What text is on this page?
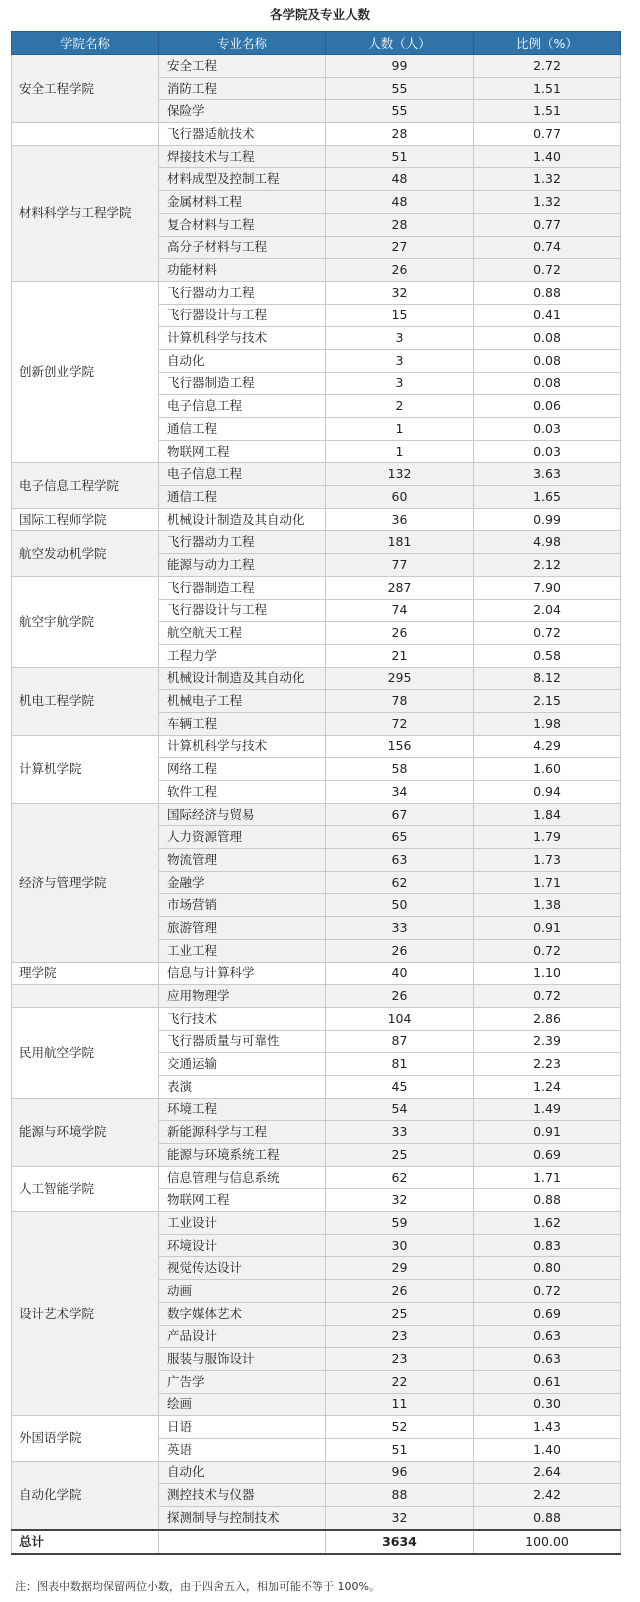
各学院及专业人数
学院名称	专业名称	人数（人）	比例（%）
安全工程学院	安全工程	99	2.72
	消防工程	55	1.51
	保险学	55	1.51
	飞行器适航技术	28	0.77
材料科学与工程学院	焊接技术与工程	51	1.40
	材料成型及控制工程	48	1.32
	金属材料工程	48	1.32
	复合材料与工程	28	0.77
	高分子材料与工程	27	0.74
	功能材料	26	0.72
创新创业学院	飞行器动力工程	32	0.88
	飞行器设计与工程	15	0.41
	计算机科学与技术	3	0.08
	自动化	3	0.08
	飞行器制造工程	3	0.08
	电子信息工程	2	0.06
	通信工程	1	0.03
	物联网工程	1	0.03
电子信息工程学院	电子信息工程	132	3.63
	通信工程	60	1.65
国际工程师学院	机械设计制造及其自动化	36	0.99
航空发动机学院	飞行器动力工程	181	4.98
	能源与动力工程	77	2.12
航空宇航学院	飞行器制造工程	287	7.90
	飞行器设计与工程	74	2.04
	航空航天工程	26	0.72
	工程力学	21	0.58
机电工程学院	机械设计制造及其自动化	295	8.12
	机械电子工程	78	2.15
	车辆工程	72	1.98
计算机学院	计算机科学与技术	156	4.29
	网络工程	58	1.60
	软件工程	34	0.94
经济与管理学院	国际经济与贸易	67	1.84
	人力资源管理	65	1.79
	物流管理	63	1.73
	金融学	62	1.71
	市场营销	50	1.38
	旅游管理	33	0.91
	工业工程	26	0.72
理学院	信息与计算科学	40	1.10
	应用物理学	26	0.72
民用航空学院	飞行技术	104	2.86
	飞行器质量与可靠性	87	2.39
	交通运输	81	2.23
	表演	45	1.24
能源与环境学院	环境工程	54	1.49
	新能源科学与工程	33	0.91
	能源与环境系统工程	25	0.69
人工智能学院	信息管理与信息系统	62	1.71
	物联网工程	32	0.88
设计艺术学院	工业设计	59	1.62
	环境设计	30	0.83
	视觉传达设计	29	0.80
	动画	26	0.72
	数字媒体艺术	25	0.69
	产品设计	23	0.63
	服装与服饰设计	23	0.63
	广告学	22	0.61
	绘画	11	0.30
外国语学院	日语	52	1.43
	英语	51	1.40
自动化学院	自动化	96	2.64
	测控技术与仪器	88	2.42
	探测制导与控制技术	32	0.88
总计		3634	100.00
注：图表中数据均保留两位小数，由于四舍五入，相加可能不等于 100%。
